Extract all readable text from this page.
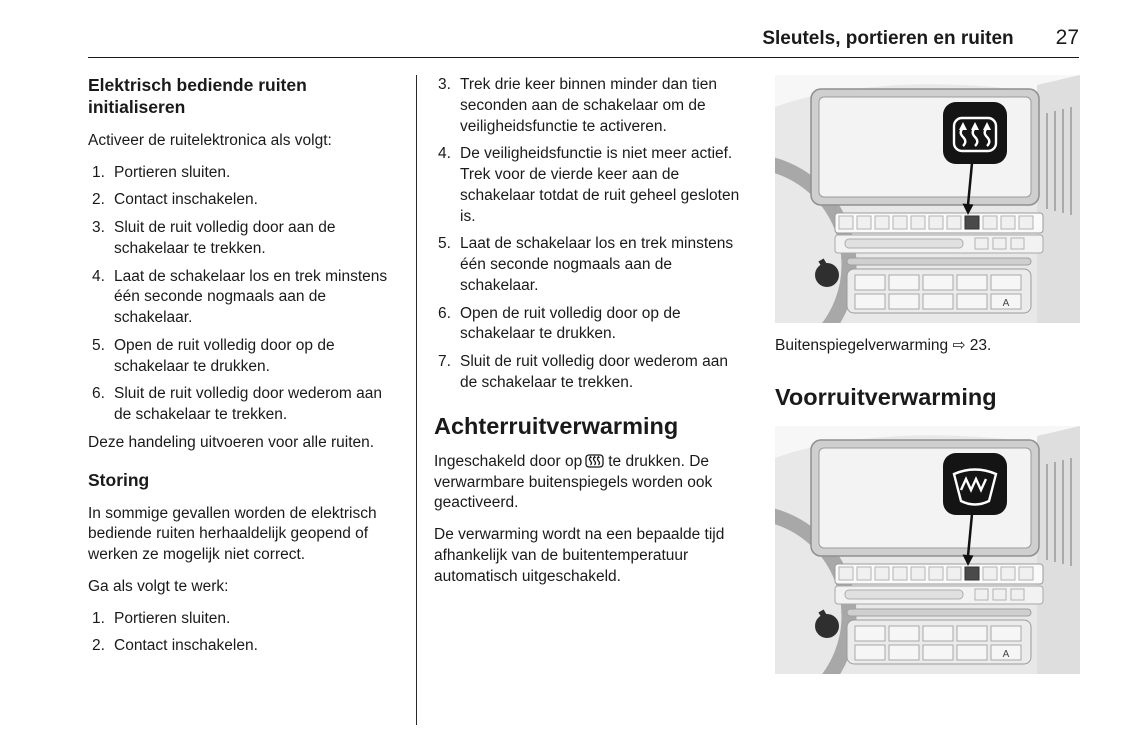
Sleutels, portieren en ruiten 27
Elektrisch bediende ruiten initialiseren

Activeer de ruitelektronica als volgt:

1. Portieren sluiten.
2. Contact inschakelen.
3. Sluit de ruit volledig door aan de schakelaar te trekken.
4. Laat de schakelaar los en trek minstens één seconde nogmaals aan de schakelaar.
5. Open de ruit volledig door op de schakelaar te drukken.
6. Sluit de ruit volledig door wederom aan de schakelaar te trekken.

Deze handeling uitvoeren voor alle ruiten.

Storing

In sommige gevallen worden de elektrisch bediende ruiten herhaaldelijk geopend of werken ze mogelijk niet correct.

Ga als volgt te werk:

1. Portieren sluiten.
2. Contact inschakelen.
3. Trek drie keer binnen minder dan tien seconden aan de schakelaar om de veiligheidsfunctie te activeren.
4. De veiligheidsfunctie is niet meer actief. Trek voor de vierde keer aan de schakelaar totdat de ruit geheel gesloten is.
5. Laat de schakelaar los en trek minstens één seconde nogmaals aan de schakelaar.
6. Open de ruit volledig door op de schakelaar te drukken.
7. Sluit de ruit volledig door wederom aan de schakelaar te trekken.
Achterruitverwarming

Ingeschakeld door op te drukken. De verwarmbare buitenspiegels worden ook geactiveerd.

De verwarming wordt na een bepaalde tijd afhankelijk van de buitentemperatuur automatisch uitgeschakeld.

Buitenspiegelverwarming ⇨ 23.

Voorruitverwarming
